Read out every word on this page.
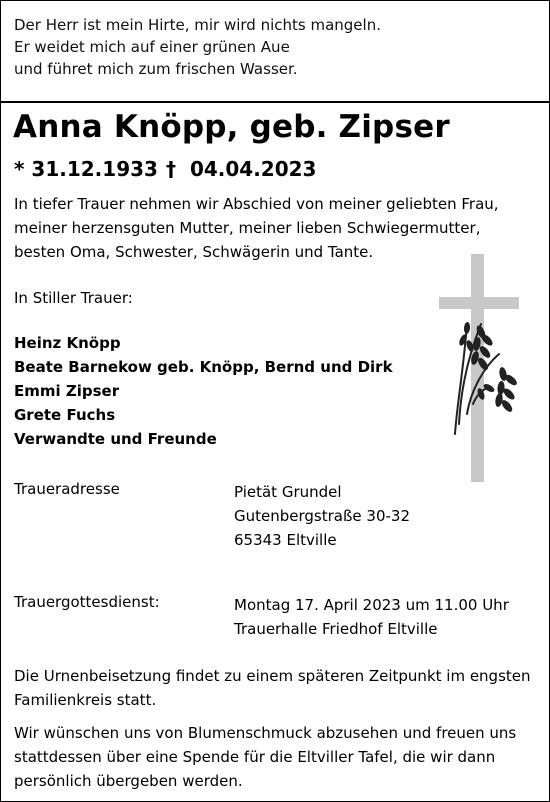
Der Herr ist mein Hirte, mir wird nichts mangeln.
Er weidet mich auf einer grünen Aue
und führet mich zum frischen Wasser.
Anna Knöpp, geb. Zipser
* 31.12.1933 † 04.04.2023
In tiefer Trauer nehmen wir Abschied von meiner geliebten Frau,
meiner herzensguten Mutter, meiner lieben Schwiegermutter,
besten Oma, Schwester, Schwägerin und Tante.
In Stiller Trauer:
Heinz Knöpp
Beate Barnekow geb. Knöpp, Bernd und Dirk
Emmi Zipser
Grete Fuchs
Verwandte und Freunde
Traueradresse	Pietät Grundel
Gutenbergstraße 30-32
65343 Eltville
Trauergottesdienst:	Montag 17. April 2023 um 11.00 Uhr
Trauerhalle Friedhof Eltville
Die Urnenbeisetzung findet zu einem späteren Zeitpunkt im engsten
Familienkreis statt.
Wir wünschen uns von Blumenschmuck abzusehen und freuen uns
stattdessen über eine Spende für die Eltviller Tafel, die wir dann
persönlich übergeben werden.
